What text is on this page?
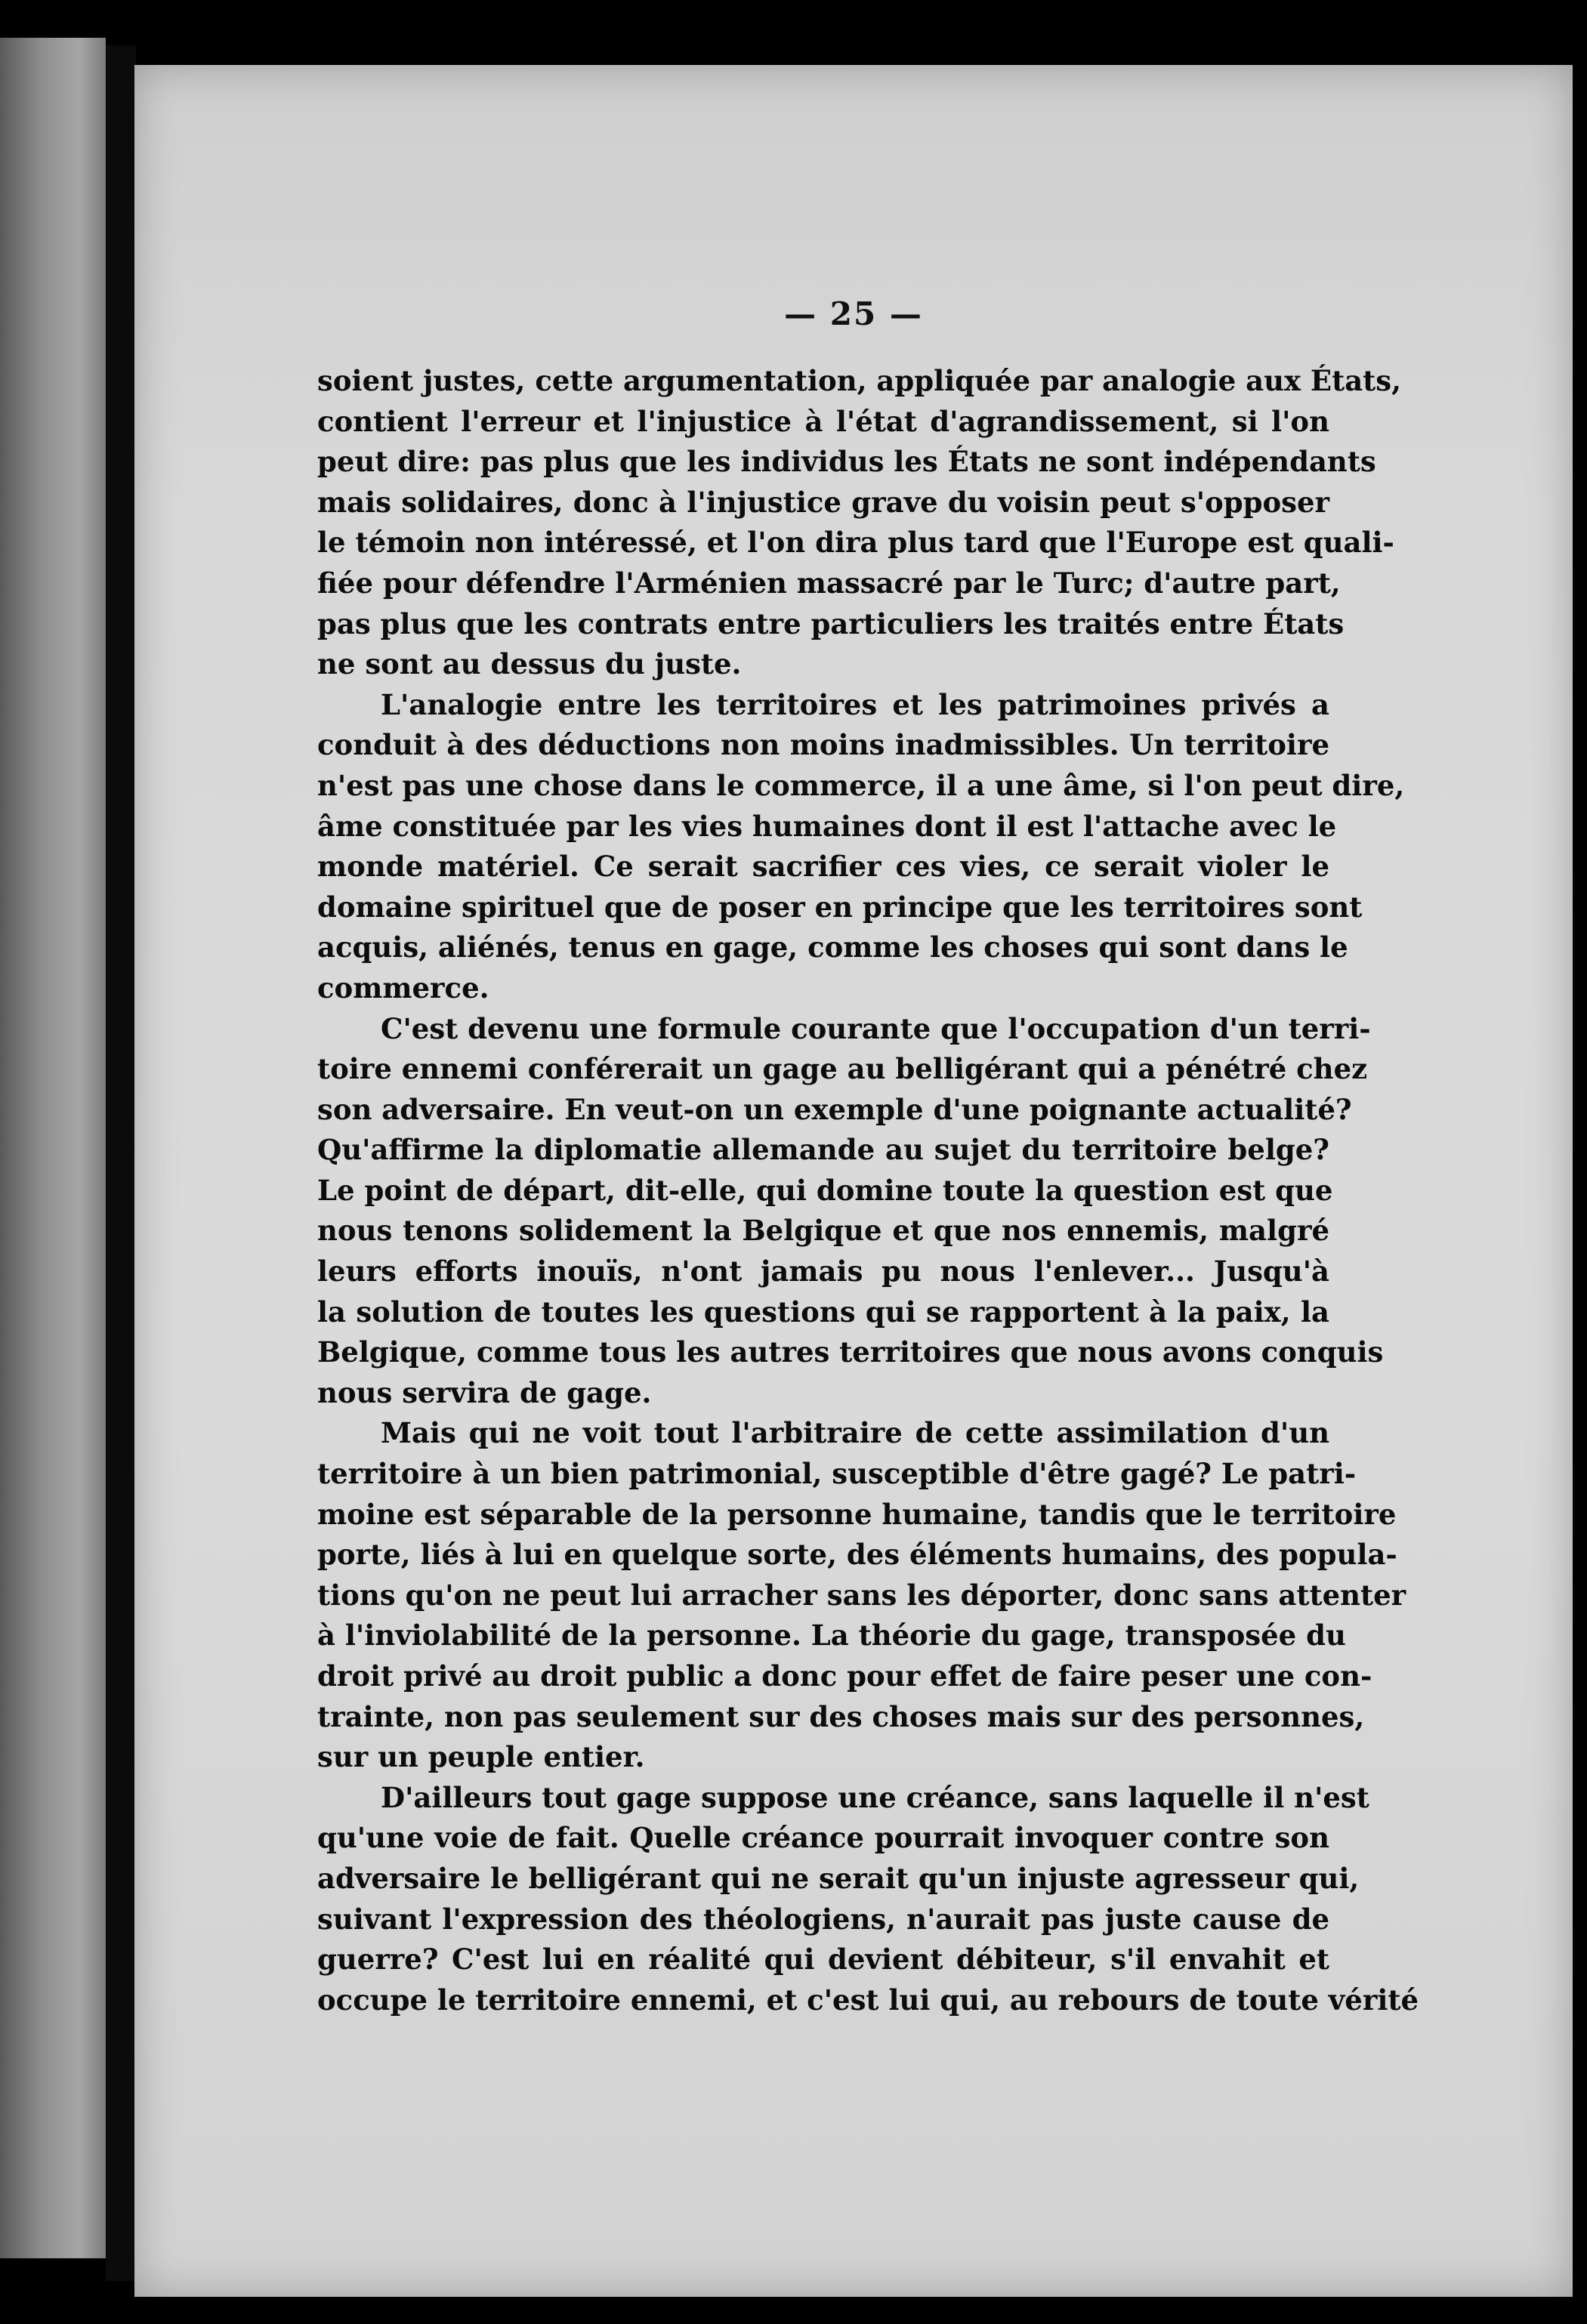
— 25 —

soient justes, cette argumentation, appliquée par analogie aux États,
contient l'erreur et l'injustice à l'état d'agrandissement, si l'on
peut dire: pas plus que les individus les États ne sont indépendants
mais solidaires, donc à l'injustice grave du voisin peut s'opposer
le témoin non intéressé, et l'on dira plus tard que l'Europe est quali-
fiée pour défendre l'Arménien massacré par le Turc; d'autre part,
pas plus que les contrats entre particuliers les traités entre États
ne sont au dessus du juste.

L'analogie entre les territoires et les patrimoines privés a
conduit à des déductions non moins inadmissibles. Un territoire
n'est pas une chose dans le commerce, il a une âme, si l'on peut dire,
âme constituée par les vies humaines dont il est l'attache avec le
monde matériel. Ce serait sacrifier ces vies, ce serait violer le
domaine spirituel que de poser en principe que les territoires sont
acquis, aliénés, tenus en gage, comme les choses qui sont dans le
commerce.

C'est devenu une formule courante que l'occupation d'un terri-
toire ennemi conférerait un gage au belligérant qui a pénétré chez
son adversaire. En veut-on un exemple d'une poignante actualité?
Qu'affirme la diplomatie allemande au sujet du territoire belge?
Le point de départ, dit-elle, qui domine toute la question est que
nous tenons solidement la Belgique et que nos ennemis, malgré
leurs efforts inouïs, n'ont jamais pu nous l'enlever... Jusqu'à
la solution de toutes les questions qui se rapportent à la paix, la
Belgique, comme tous les autres territoires que nous avons conquis
nous servira de gage.

Mais qui ne voit tout l'arbitraire de cette assimilation d'un
territoire à un bien patrimonial, susceptible d'être gagé? Le patri-
moine est séparable de la personne humaine, tandis que le territoire
porte, liés à lui en quelque sorte, des éléments humains, des popula-
tions qu'on ne peut lui arracher sans les déporter, donc sans attenter
à l'inviolabilité de la personne. La théorie du gage, transposée du
droit privé au droit public a donc pour effet de faire peser une con-
trainte, non pas seulement sur des choses mais sur des personnes,
sur un peuple entier.

D'ailleurs tout gage suppose une créance, sans laquelle il n'est
qu'une voie de fait. Quelle créance pourrait invoquer contre son
adversaire le belligérant qui ne serait qu'un injuste agresseur qui,
suivant l'expression des théologiens, n'aurait pas juste cause de
guerre? C'est lui en réalité qui devient débiteur, s'il envahit et
occupe le territoire ennemi, et c'est lui qui, au rebours de toute vérité
